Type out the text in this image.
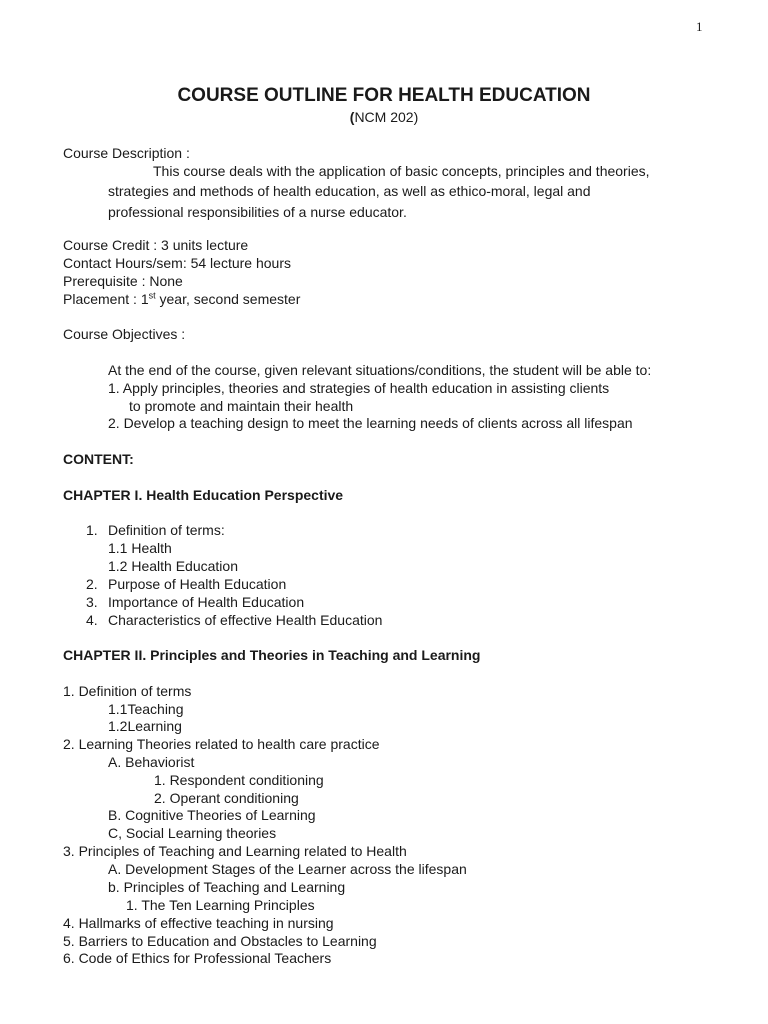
1
COURSE OUTLINE FOR HEALTH EDUCATION
(NCM 202)
Course Description :
This course deals with the application of basic concepts, principles and theories,
strategies and methods of health education, as well as ethico-moral, legal and
professional responsibilities of a nurse educator.
Course Credit : 3 units lecture
Contact Hours/sem: 54 lecture hours
Prerequisite : None
Placement : 1st year, second semester
Course Objectives :
At the end of the course, given relevant situations/conditions, the student will be able to:
1. Apply principles, theories and strategies of health education in assisting clients
to promote and maintain their health
2. Develop a teaching design to meet the learning needs of clients across all lifespan
CONTENT:
CHAPTER I. Health Education Perspective
1. Definition of terms:
1.1 Health
1.2 Health Education
2. Purpose of Health Education
3. Importance of Health Education
4. Characteristics of effective Health Education
CHAPTER II. Principles and Theories in Teaching and Learning
1. Definition of terms
1.1Teaching
1.2Learning
2. Learning Theories related to health care practice
A. Behaviorist
1. Respondent conditioning
2. Operant conditioning
B. Cognitive Theories of Learning
C, Social Learning theories
3. Principles of Teaching and Learning related to Health
A. Development Stages of the Learner across the lifespan
b. Principles of Teaching and Learning
1. The Ten Learning Principles
4. Hallmarks of effective teaching in nursing
5. Barriers to Education and Obstacles to Learning
6. Code of Ethics for Professional Teachers
